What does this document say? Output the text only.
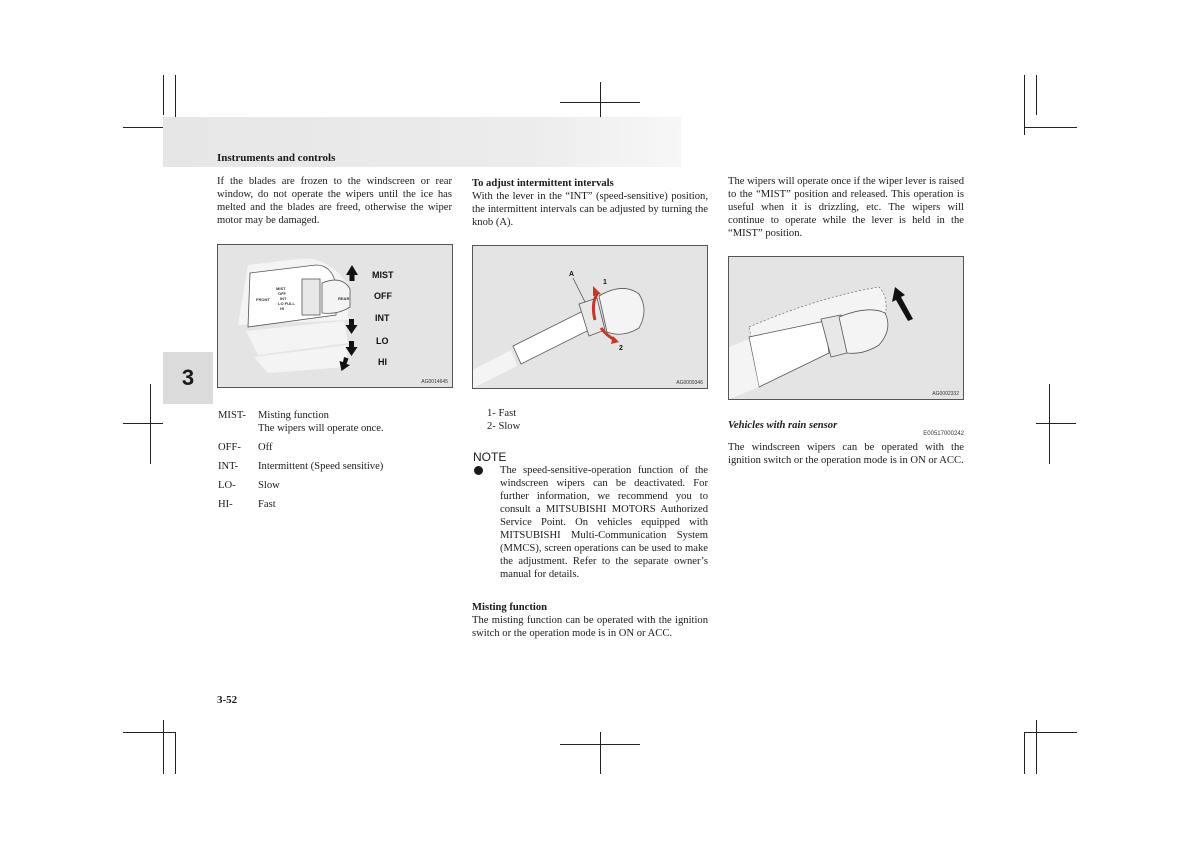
Instruments and controls
3
If the blades are frozen to the windscreen or rear window, do not operate the wipers until the ice has melted and the blades are freed, otherwise the wiper motor may be damaged.
MIST
OFF
INT
LO FULL
HI
FRONT	REAR
MIST
OFF
INT
LO
HI
AG0014645
MIST-	Misting function
The wipers will operate once.
OFF-	Off
INT-	Intermittent (Speed sensitive)
LO-	Slow
HI-	Fast
To adjust intermittent intervals
With the lever in the “INT” (speed-sensitive) position, the intermittent intervals can be adjusted by turning the knob (A).
A
1
2
AG0009346
1- Fast
2- Slow
NOTE
The speed-sensitive-operation function of the windscreen wipers can be deactivated. For further information, we recommend you to consult a MITSUBISHI MOTORS Authorized Service Point. On vehicles equipped with MITSUBISHI Multi-Communication System (MMCS), screen operations can be used to make the adjustment. Refer to the separate owner’s manual for details.
Misting function
The misting function can be operated with the ignition switch or the operation mode is in ON or ACC.
The wipers will operate once if the wiper lever is raised to the “MIST” position and released. This operation is useful when it is drizzling, etc. The wipers will continue to operate while the lever is held in the “MIST” position.
AG0002332
Vehicles with rain sensor
E00517000242
The windscreen wipers can be operated with the ignition switch or the operation mode is in ON or ACC.
3-52
